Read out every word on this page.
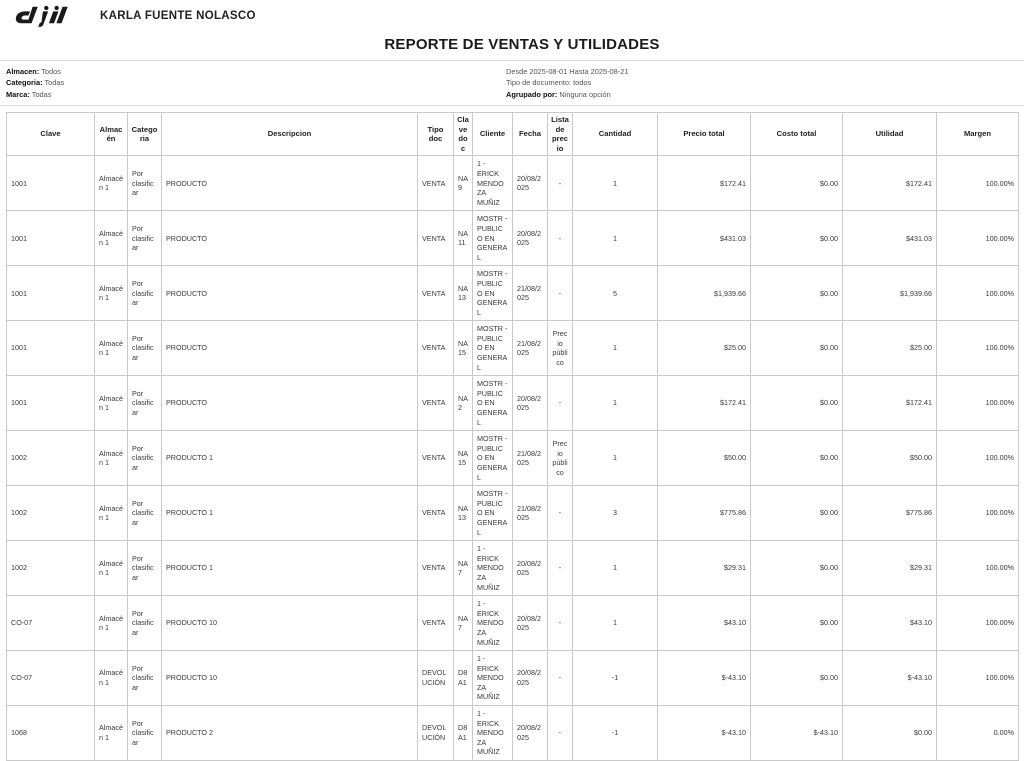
KARLA FUENTE NOLASCO
REPORTE DE VENTAS Y UTILIDADES
Almacen: Todos
Categoria: Todas
Marca: Todas
Desde 2025-08-01 Hasta 2025-08-21
Tipo de documento: todos
Agrupado por: Ninguna opción
Clave	Almacén	Categoria	Descripcion	Tipo doc	Clave doc	Cliente	Fecha	Lista de precio	Cantidad	Precio total	Costo total	Utilidad	Margen
1001	Almacén 1	Por clasificar	PRODUCTO	VENTA	NA9	1 - ERICK MENDOZA MUÑIZ	20/08/2025	-	1	$172.41	$0.00	$172.41	100.00%
1001	Almacén 1	Por clasificar	PRODUCTO	VENTA	NA11	MOSTR - PUBLICO EN GENERAL	20/08/2025	-	1	$431.03	$0.00	$431.03	100.00%
1001	Almacén 1	Por clasificar	PRODUCTO	VENTA	NA13	MOSTR - PUBLICO EN GENERAL	21/08/2025	-	5	$1,939.66	$0.00	$1,939.66	100.00%
1001	Almacén 1	Por clasificar	PRODUCTO	VENTA	NA15	MOSTR - PUBLICO EN GENERAL	21/08/2025	Precio público	1	$25.00	$0.00	$25.00	100.00%
1001	Almacén 1	Por clasificar	PRODUCTO	VENTA	NA2	MOSTR - PUBLICO EN GENERAL	20/08/2025	-	1	$172.41	$0.00	$172.41	100.00%
1002	Almacén 1	Por clasificar	PRODUCTO 1	VENTA	NA15	MOSTR - PUBLICO EN GENERAL	21/08/2025	Precio público	1	$50.00	$0.00	$50.00	100.00%
1002	Almacén 1	Por clasificar	PRODUCTO 1	VENTA	NA13	MOSTR - PUBLICO EN GENERAL	21/08/2025	-	3	$775.86	$0.00	$775.86	100.00%
1002	Almacén 1	Por clasificar	PRODUCTO 1	VENTA	NA7	1 - ERICK MENDOZA MUÑIZ	20/08/2025	-	1	$29.31	$0.00	$29.31	100.00%
CO-07	Almacén 1	Por clasificar	PRODUCTO 10	VENTA	NA7	1 - ERICK MENDOZA MUÑIZ	20/08/2025	-	1	$43.10	$0.00	$43.10	100.00%
CO-07	Almacén 1	Por clasificar	PRODUCTO 10	DEVOLUCIÓN	D8A1	1 - ERICK MENDOZA MUÑIZ	20/08/2025	-	-1	$-43.10	$0.00	$-43.10	100.00%
1068	Almacén 1	Por clasificar	PRODUCTO 2	DEVOLUCIÓN	D8A1	1 - ERICK MENDOZA MUÑIZ	20/08/2025	-	-1	$-43.10	$-43.10	$0.00	0.00%
